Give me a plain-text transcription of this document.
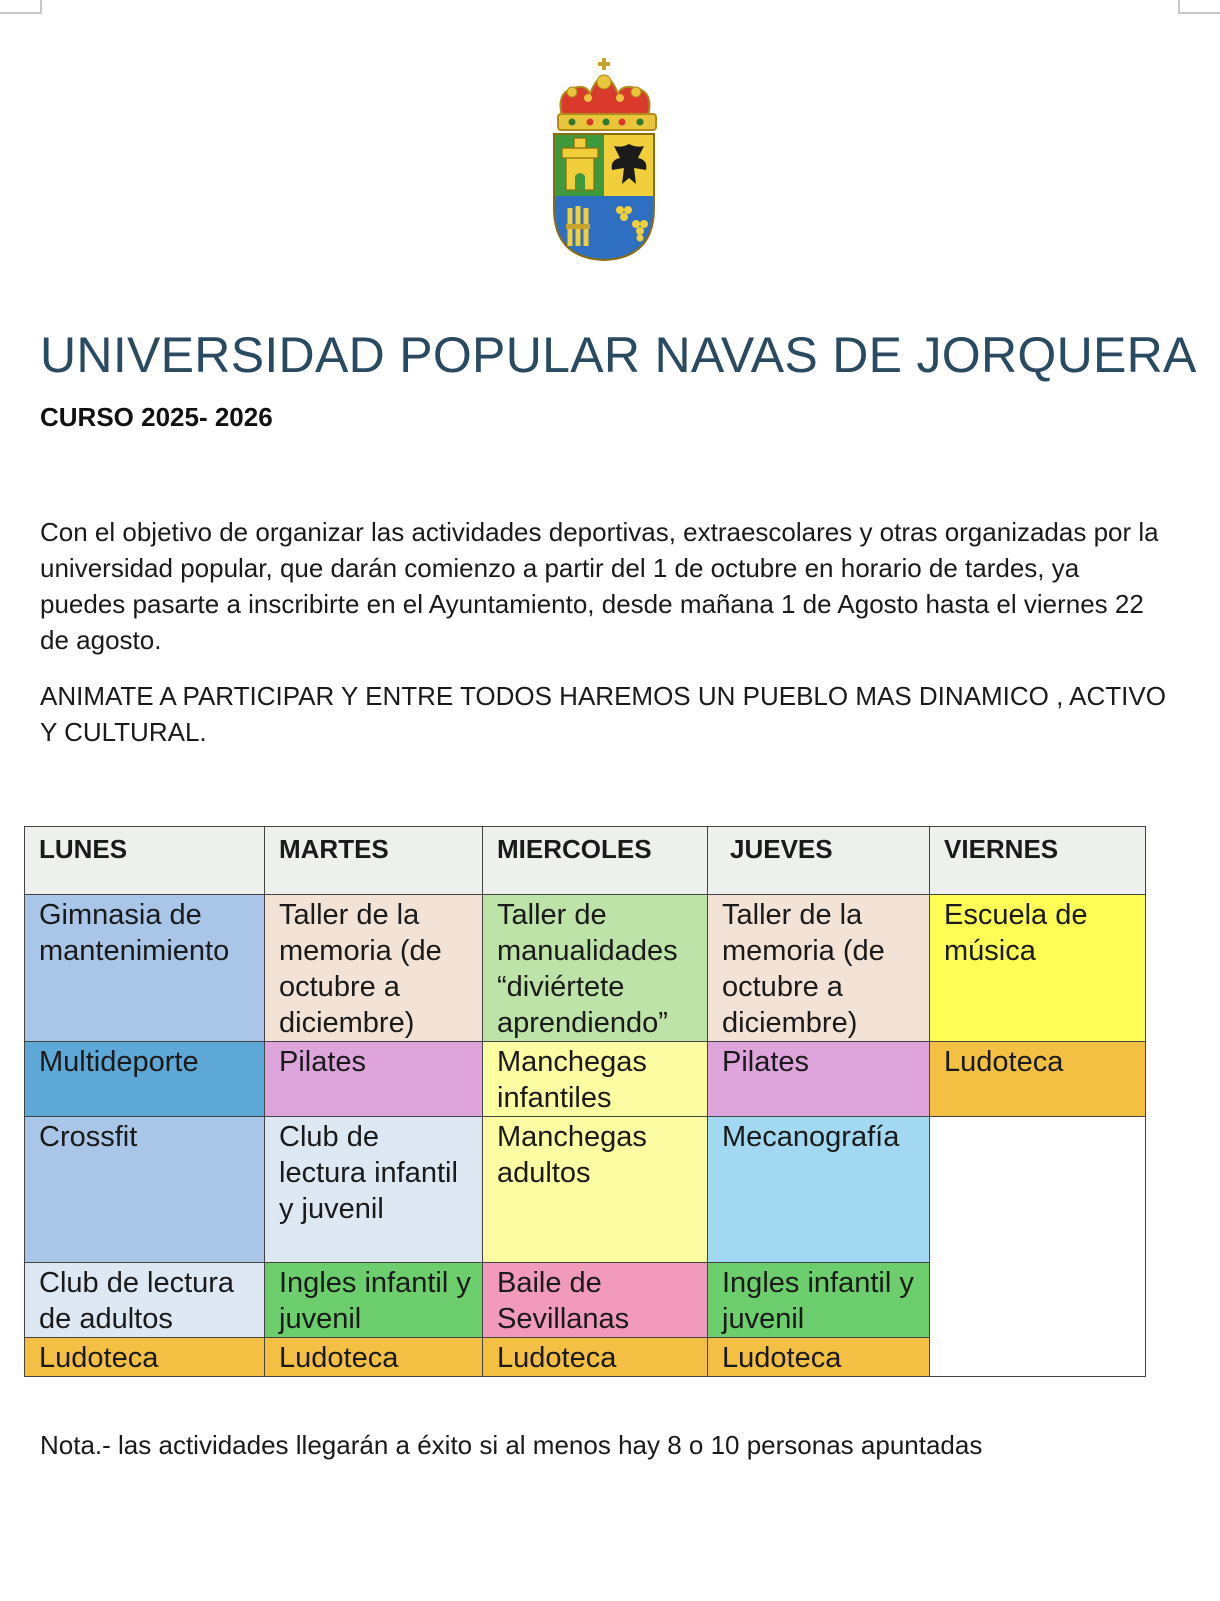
UNIVERSIDAD POPULAR NAVAS DE JORQUERA
CURSO 2025- 2026

Con el objetivo de organizar las actividades deportivas, extraescolares y otras organizadas por la universidad popular, que darán comienzo a partir del 1 de octubre en horario de tardes, ya puedes pasarte a inscribirte en el Ayuntamiento, desde mañana 1 de Agosto hasta el viernes 22 de agosto.

ANIMATE A PARTICIPAR Y ENTRE TODOS HAREMOS UN PUEBLO MAS DINAMICO , ACTIVO Y CULTURAL.

LUNES	MARTES	MIERCOLES	JUEVES	VIERNES
Gimnasia de mantenimiento	Taller de la memoria (de octubre a diciembre)	Taller de manualidades “diviértete aprendiendo”	Taller de la memoria (de octubre a diciembre)	Escuela de música
Multideporte	Pilates	Manchegas infantiles	Pilates	Ludoteca
Crossfit	Club de lectura infantil y juvenil	Manchegas adultos	Mecanografía	
Club de lectura de adultos	Ingles infantil y juvenil	Baile de Sevillanas	Ingles infantil y juvenil	
Ludoteca	Ludoteca	Ludoteca	Ludoteca	
Nota.- las actividades llegarán a éxito si al menos hay 8 o 10 personas apuntadas
